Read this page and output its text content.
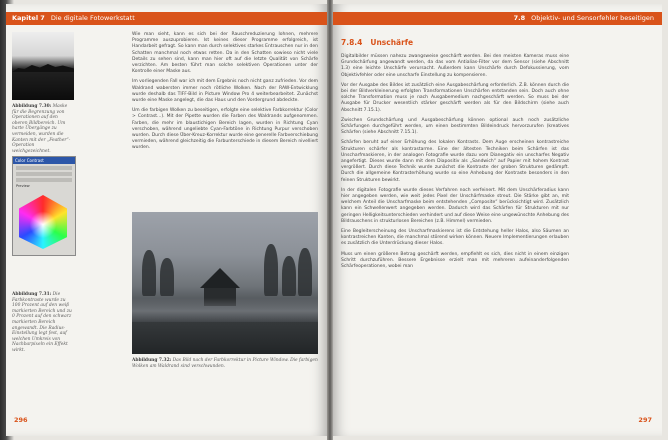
Kapitel 7 Die digitale Fotowerkstatt
Abbildung 7.30: Maske für die Begrenzung von Operationen auf den oberen Bildbereich. Um harte Übergänge zu vermeiden, wurden die Kanten mit der „Feather“-Operation weichgezeichnet.
Color Contrast
Preview
Abbildung 7.31: Die Farbkontraste wurde zu 100 Prozent auf den weiß markierten Bereich und zu 0 Prozent auf den schwarz markierten Bereich angewandt. Die Radius-Einstellung legt fest, auf welchen Umkreis von Nachbarpixeln ein Effekt wirkt.

Wie man sieht, kann es sich bei der Rauschreduzierung lohnen, mehrere Programme auszuprobieren. Ist keines dieser Programme erfolgreich, ist Handarbeit gefragt. So kann man durch selektives starkes Entrauschen nur in den Schatten manchmal noch etwas retten. Da in den Schatten sowieso nicht viele Details zu sehen sind, kann man hier oft auf die letzte Qualität von Schärfe verzichten. Am besten führt man solche selektiven Operationen unter der Kontrolle einer Maske aus.

Im vorliegenden Fall war ich mit dem Ergebnis noch nicht ganz zufrieden. Vor dem Waldrand wabersten immer noch rötliche Wolken. Nach der RAW-Entwicklung wurde deshalb das TIFF-Bild in Picture Window Pro 4 weiterbearbeitet. Zunächst wurde eine Maske angelegt, die das Haus und den Vordergrund abdeckte.

Um die farbigen Wolken zu beseitigen, erfolgte eine selektive Farbkorrektur (Color > Contrast...). Mit der Pipette wurden die Farben des Waldrands aufgenommen. Farben, die mehr im blaustichigen Bereich lagen, wurden in Richtung Cyan verschoben, während ungeliebte Cyan-Farbtöne in Richtung Purpur verschoben wurden. Durch diese Über-Kreuz-Korrektur wurde eine generelle Farbverschiebung vermieden, während gleichzeitig die Farbunterschiede in diesem Bereich nivelliert wurden.

Abbildung 7.32: Das Bild nach der Farbkorrektur in Picture Window. Die farbigen Wolken am Waldrand sind verschwunden.
296
7.8 Objektiv- und Sensorfehler beseitigen
7.8.4 Unschärfe

Digitalbilder müssen nahezu zwangsweise geschärft werden. Bei den meisten Kameras muss eine Grundschärfung angewandt werden, da das vom Antialias-Filter vor dem Sensor (siehe Abschnitt 1.3) eine leichte Unschärfe verursacht. Außerdem kann Unschärfe durch Defokussierung, vom Objektivfehler oder eine unscharfe Einstellung zu kompensieren.

Vor der Ausgabe des Bildes ist zusätzlich eine Ausgabeschärfung erforderlich. Z.B. können durch die bei der Bildverkleinerung erfolgten Transformationen Unschärfen entstanden sein. Doch auch ohne solche Transformation muss je nach Ausgabemedium nachgeschärft werden. So muss bei der Ausgabe für Drucker wesentlich stärker geschärft werden als für den Bildschirm (siehe auch Abschnitt 7.15.1).

Zwischen Grundschärfung und Ausgabeschärfung können optional auch noch zusätzliche Schärfungen durchgeführt werden, um einen bestimmten Bildeindruck hervorzurufen (kreatives Schärfen (siehe Abschnitt 7.15.1).

Schärfen beruht auf einer Erhöhung des lokalen Kontrasts. Dem Auge erscheinen kontrastreiche Strukturen schärfer als kontrastarme. Eine der ältesten Techniken beim Schärfen ist das Unscharfmaskieren, in der analogen Fotografie wurde dazu vom Dianegativ ein unscharfes Negativ angefertigt. Dieses wurde dann mit dem Diapositiv als „Sandwich“ auf Papier mit hohem Kontrast vergrößert. Durch diese Technik wurde zunächst die Kontraste der groben Strukturen gedämpft. Durch die allgemeine Kontrasterhöhung wurde so eine Anhebung der Kontraste besonders in den feinen Strukturen bewirkt.

In der digitalen Fotografie wurde dieses Verfahren noch verfeinert. Mit dem Unschärferadius kann hier angegeben werden, wie weit jedes Pixel der Unschärfmaske streut. Die Stärke gibt an, mit welchem Anteil die Unscharfmaske beim entstehenden „Composite“ berücksichtigt wird. Zusätzlich kann ein Schwellenwert angegeben werden. Dadurch wird das Schärfen für Strukturen mit nur geringen Helligkeitsunterschieden verhindert und auf diese Weise eine ungewünschte Anhebung des Bildrauschens in strukturlosen Bereichen (z.B. Himmel) vermieden.

Eine Begleiterscheinung des Unscharfmaskierens ist die Entstehung heller Halos, also Säumen an kontrastreichen Kanten, die manchmal störend wirken können. Neuere Implementierungen erlauben es zusätzlich die Unterdrückung dieser Halos.

Muss um einen größeren Betrag geschärft werden, empfiehlt es sich, dies nicht in einem einzigen Schritt durchzuführen. Bessere Ergebnisse erzielt man mit mehreren aufeinanderfolgenden Schärfeoperationen, wobei man

297
